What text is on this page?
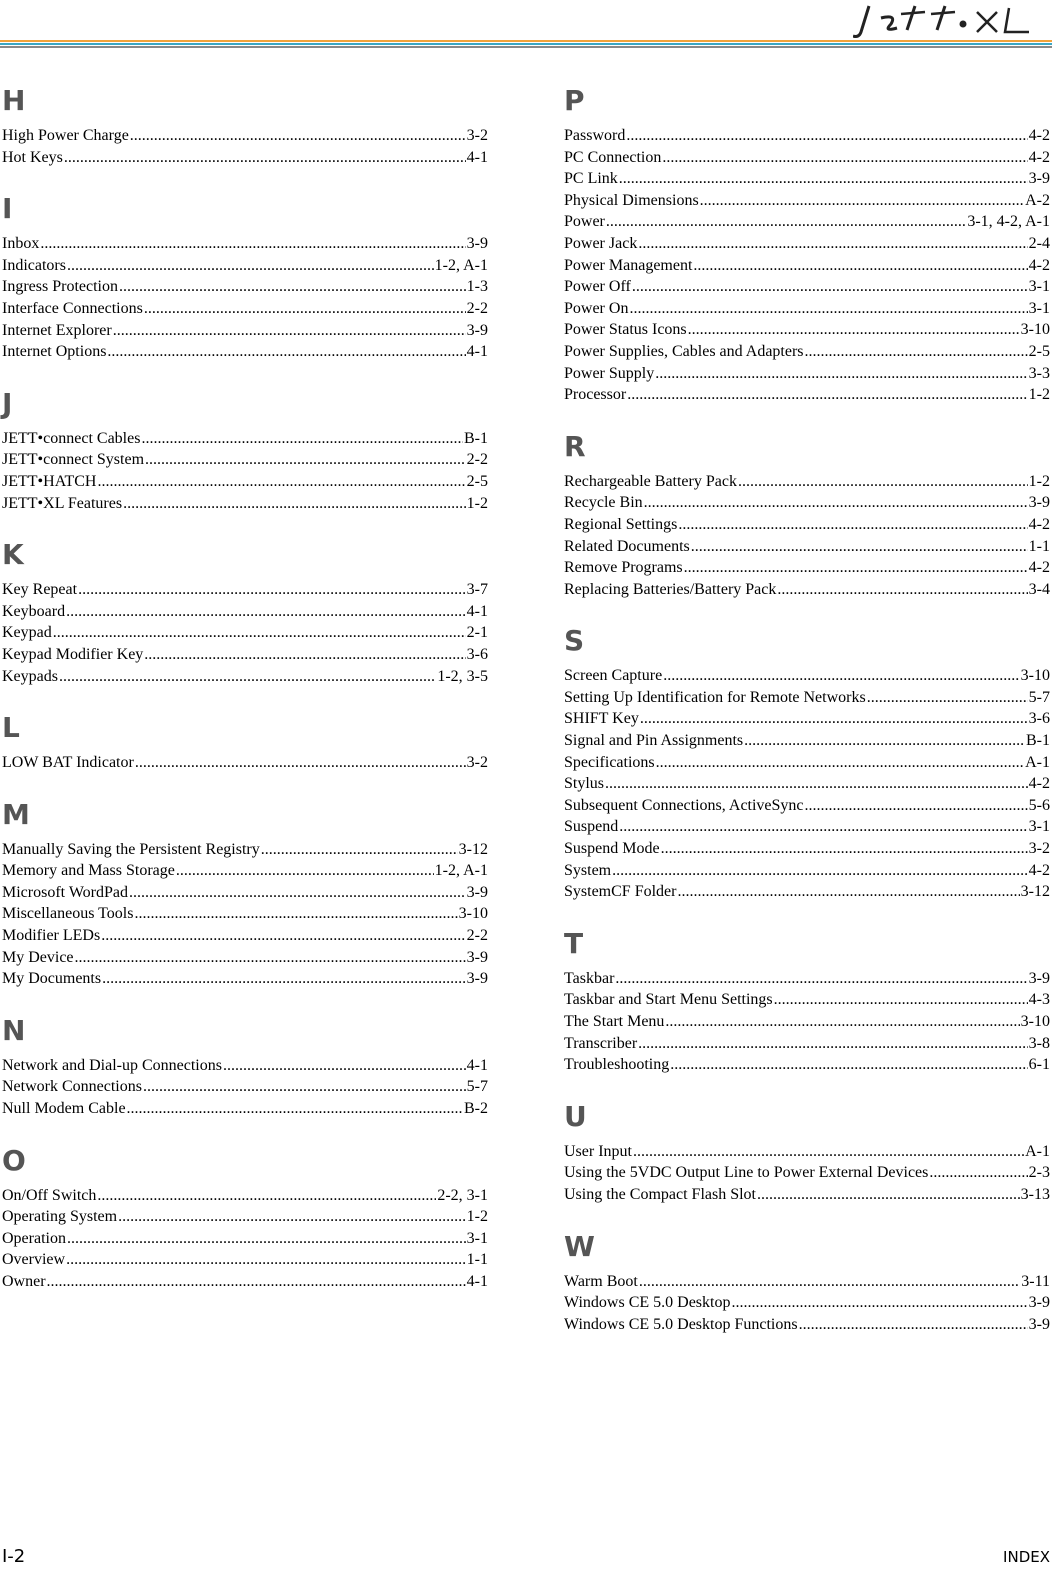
H
High Power Charge .....	3-2
Hot Keys .....	4-1
I
Inbox .....	3-9
Indicators .....	1-2, A-1
Ingress Protection .....	1-3
Interface Connections .....	2-2
Internet Explorer .....	3-9
Internet Options .....	4-1
J
JETT•connect Cables .....	B-1
JETT•connect System .....	2-2
JETT•HATCH .....	2-5
JETT•XL Features .....	1-2
K
Key Repeat .....	3-7
Keyboard .....	4-1
Keypad .....	2-1
Keypad Modifier Key .....	3-6
Keypads .....	1-2, 3-5
L
LOW BAT Indicator .....	3-2
M
Manually Saving the Persistent Registry .....	3-12
Memory and Mass Storage .....	1-2, A-1
Microsoft WordPad .....	3-9
Miscellaneous Tools .....	3-10
Modifier LEDs .....	2-2
My Device .....	3-9
My Documents .....	3-9
N
Network and Dial-up Connections .....	4-1
Network Connections .....	5-7
Null Modem Cable .....	B-2
O
On/Off Switch .....	2-2, 3-1
Operating System .....	1-2
Operation .....	3-1
Overview .....	1-1
Owner .....	4-1
P
Password .....	4-2
PC Connection .....	4-2
PC Link .....	3-9
Physical Dimensions .....	A-2
Power .....	3-1, 4-2, A-1
Power Jack .....	2-4
Power Management .....	4-2
Power Off .....	3-1
Power On .....	3-1
Power Status Icons .....	3-10
Power Supplies, Cables and Adapters .....	2-5
Power Supply .....	3-3
Processor .....	1-2
R
Rechargeable Battery Pack .....	1-2
Recycle Bin .....	3-9
Regional Settings .....	4-2
Related Documents .....	1-1
Remove Programs .....	4-2
Replacing Batteries/Battery Pack .....	3-4
S
Screen Capture .....	3-10
Setting Up Identification for Remote Networks .....	5-7
SHIFT Key .....	3-6
Signal and Pin Assignments .....	B-1
Specifications .....	A-1
Stylus .....	4-2
Subsequent Connections, ActiveSync .....	5-6
Suspend .....	3-1
Suspend Mode .....	3-2
System .....	4-2
SystemCF Folder .....	3-12
T
Taskbar .....	3-9
Taskbar and Start Menu Settings .....	4-3
The Start Menu .....	3-10
Transcriber .....	3-8
Troubleshooting .....	6-1
U
User Input .....	A-1
Using the 5VDC Output Line to Power External Devices .....	2-3
Using the Compact Flash Slot .....	3-13
W
Warm Boot .....	3-11
Windows CE 5.0 Desktop .....	3-9
Windows CE 5.0 Desktop Functions .....	3-9
I-2	INDEX
